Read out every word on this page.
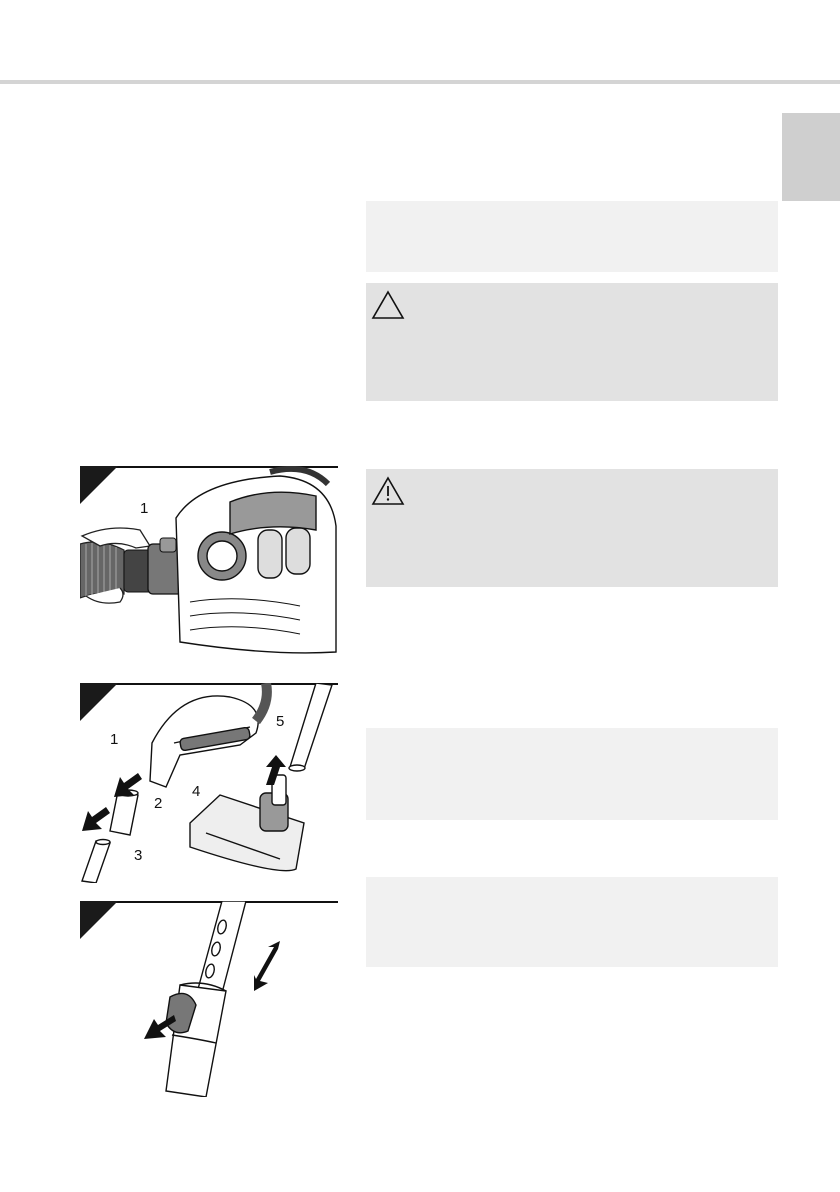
1
1
2
3
4
5
